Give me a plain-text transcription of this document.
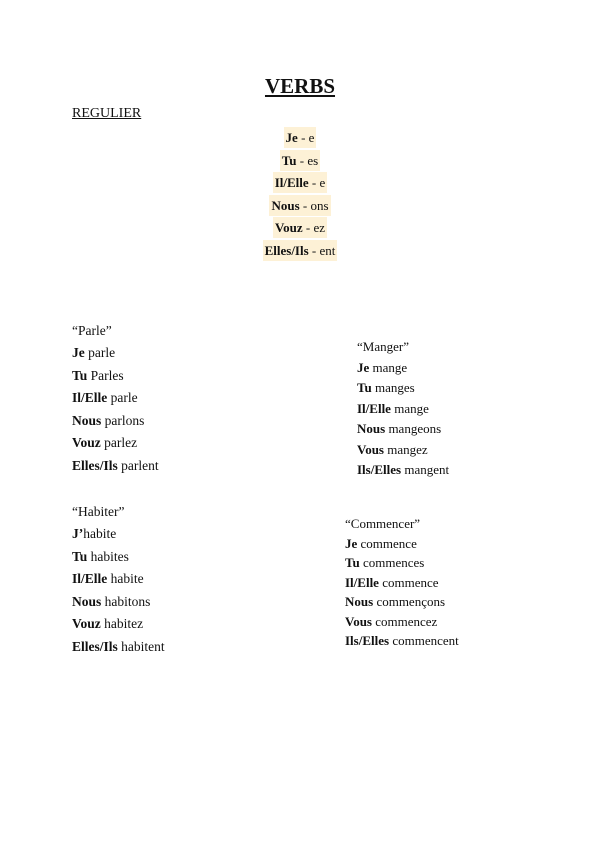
VERBS
REGULIER
Je - e
Tu - es
Il/Elle - e
Nous - ons
Vouz - ez
Elles/Ils - ent
“Parle”
Je parle
Tu Parles
Il/Elle parle
Nous parlons
Vouz parlez
Elles/Ils parlent
“Habiter”
J’habite
Tu habites
Il/Elle habite
Nous habitons
Vouz habitez
Elles/Ils habitent
“Manger”
Je mange
Tu manges
Il/Elle mange
Nous mangeons
Vous mangez
Ils/Elles mangent
“Commencer”
Je commence
Tu commences
Il/Elle commence
Nous commençons
Vous commencez
Ils/Elles commencent
